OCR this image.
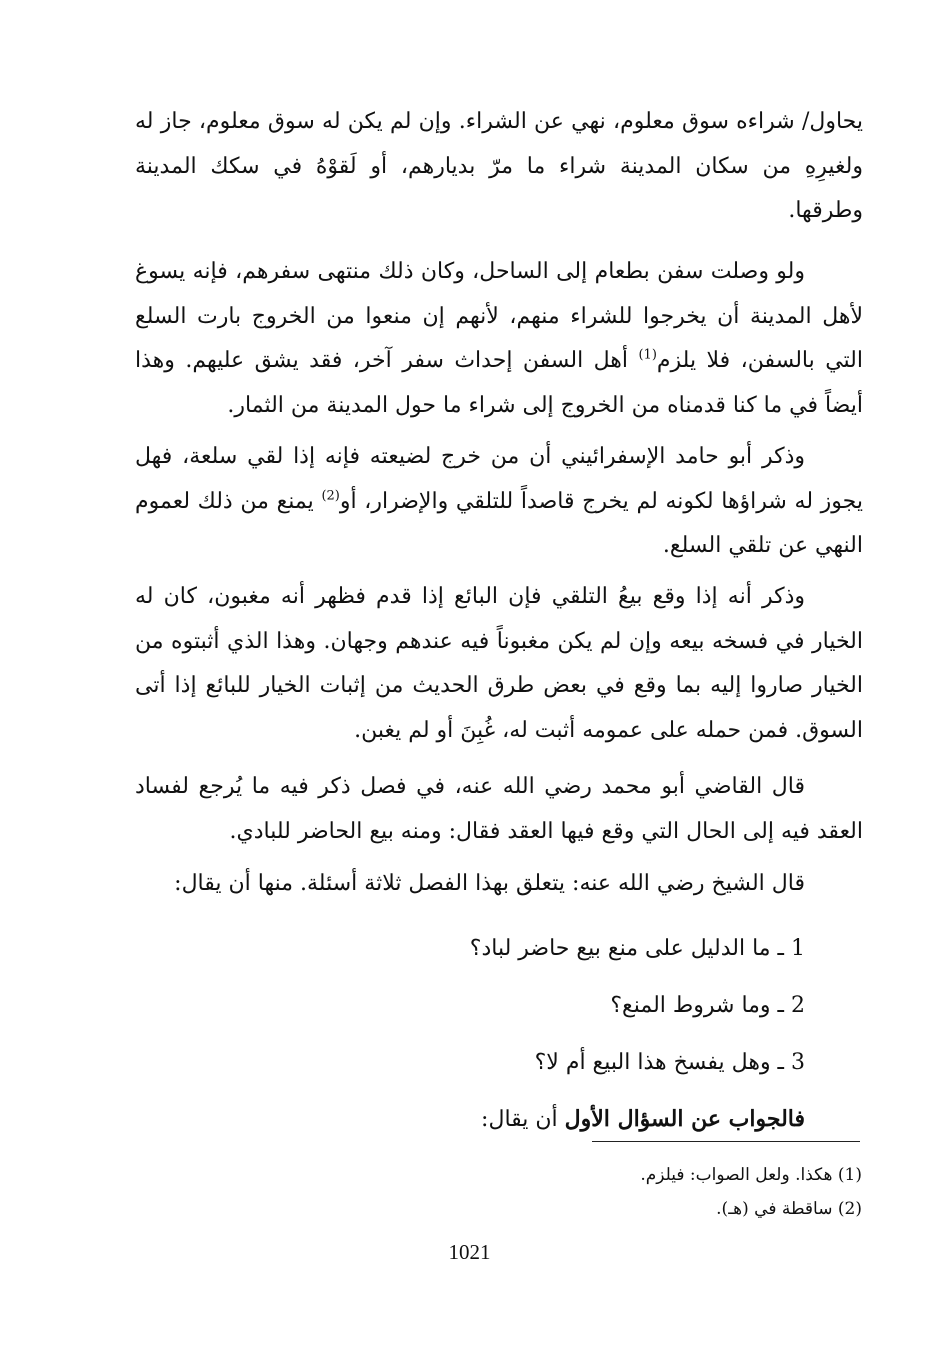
يحاول/ شراءه سوق معلوم، نهي عن الشراء. وإن لم يكن له سوق معلوم، جاز له ولغيرِهِ من سكان المدينة شراء ما مرّ بديارهم، أو لَقوْهُ في سكك المدينة وطرقها.

ولو وصلت سفن بطعام إلى الساحل، وكان ذلك منتهى سفرهم، فإنه يسوغ لأهل المدينة أن يخرجوا للشراء منهم، لأنهم إن منعوا من الخروج بارت السلع التي بالسفن، فلا يلزم$^{(1)}$ أهل السفن إحداث سفر آخر، فقد يشق عليهم. وهذا أيضاً في ما كنا قدمناه من الخروج إلى شراء ما حول المدينة من الثمار.

وذكر أبو حامد الإسفرائيني أن من خرج لضيعته فإنه إذا لقي سلعة، فهل يجوز له شراؤها لكونه لم يخرج قاصداً للتلقي والإضرار، أو$^{(2)}$ يمنع من ذلك لعموم النهي عن تلقي السلع.

وذكر أنه إذا وقع بيعُ التلقي فإن البائع إذا قدم فظهر أنه مغبون، كان له الخيار في فسخه بيعه وإن لم يكن مغبوناً فيه عندهم وجهان. وهذا الذي أثبتوه من الخيار صاروا إليه بما وقع في بعض طرق الحديث من إثبات الخيار للبائع إذا أتى السوق. فمن حمله على عمومه أثبت له، غُبِنَ أو لم يغبن.

قال القاضي أبو محمد رضي الله عنه، في فصل ذكر فيه ما يُرجع لفساد العقد فيه إلى الحال التي وقع فيها العقد فقال: ومنه بيع الحاضر للبادي.

قال الشيخ رضي الله عنه: يتعلق بهذا الفصل ثلاثة أسئلة. منها أن يقال:

1 ـ ما الدليل على منع بيع حاضر لباد؟

2 ـ وما شروط المنع؟

3 ـ وهل يفسخ هذا البيع أم لا؟

فالجواب عن السؤال الأول أن يقال:

(1) هكذا. ولعل الصواب: فيلزم.

(2) ساقطة في (هـ).

1021
